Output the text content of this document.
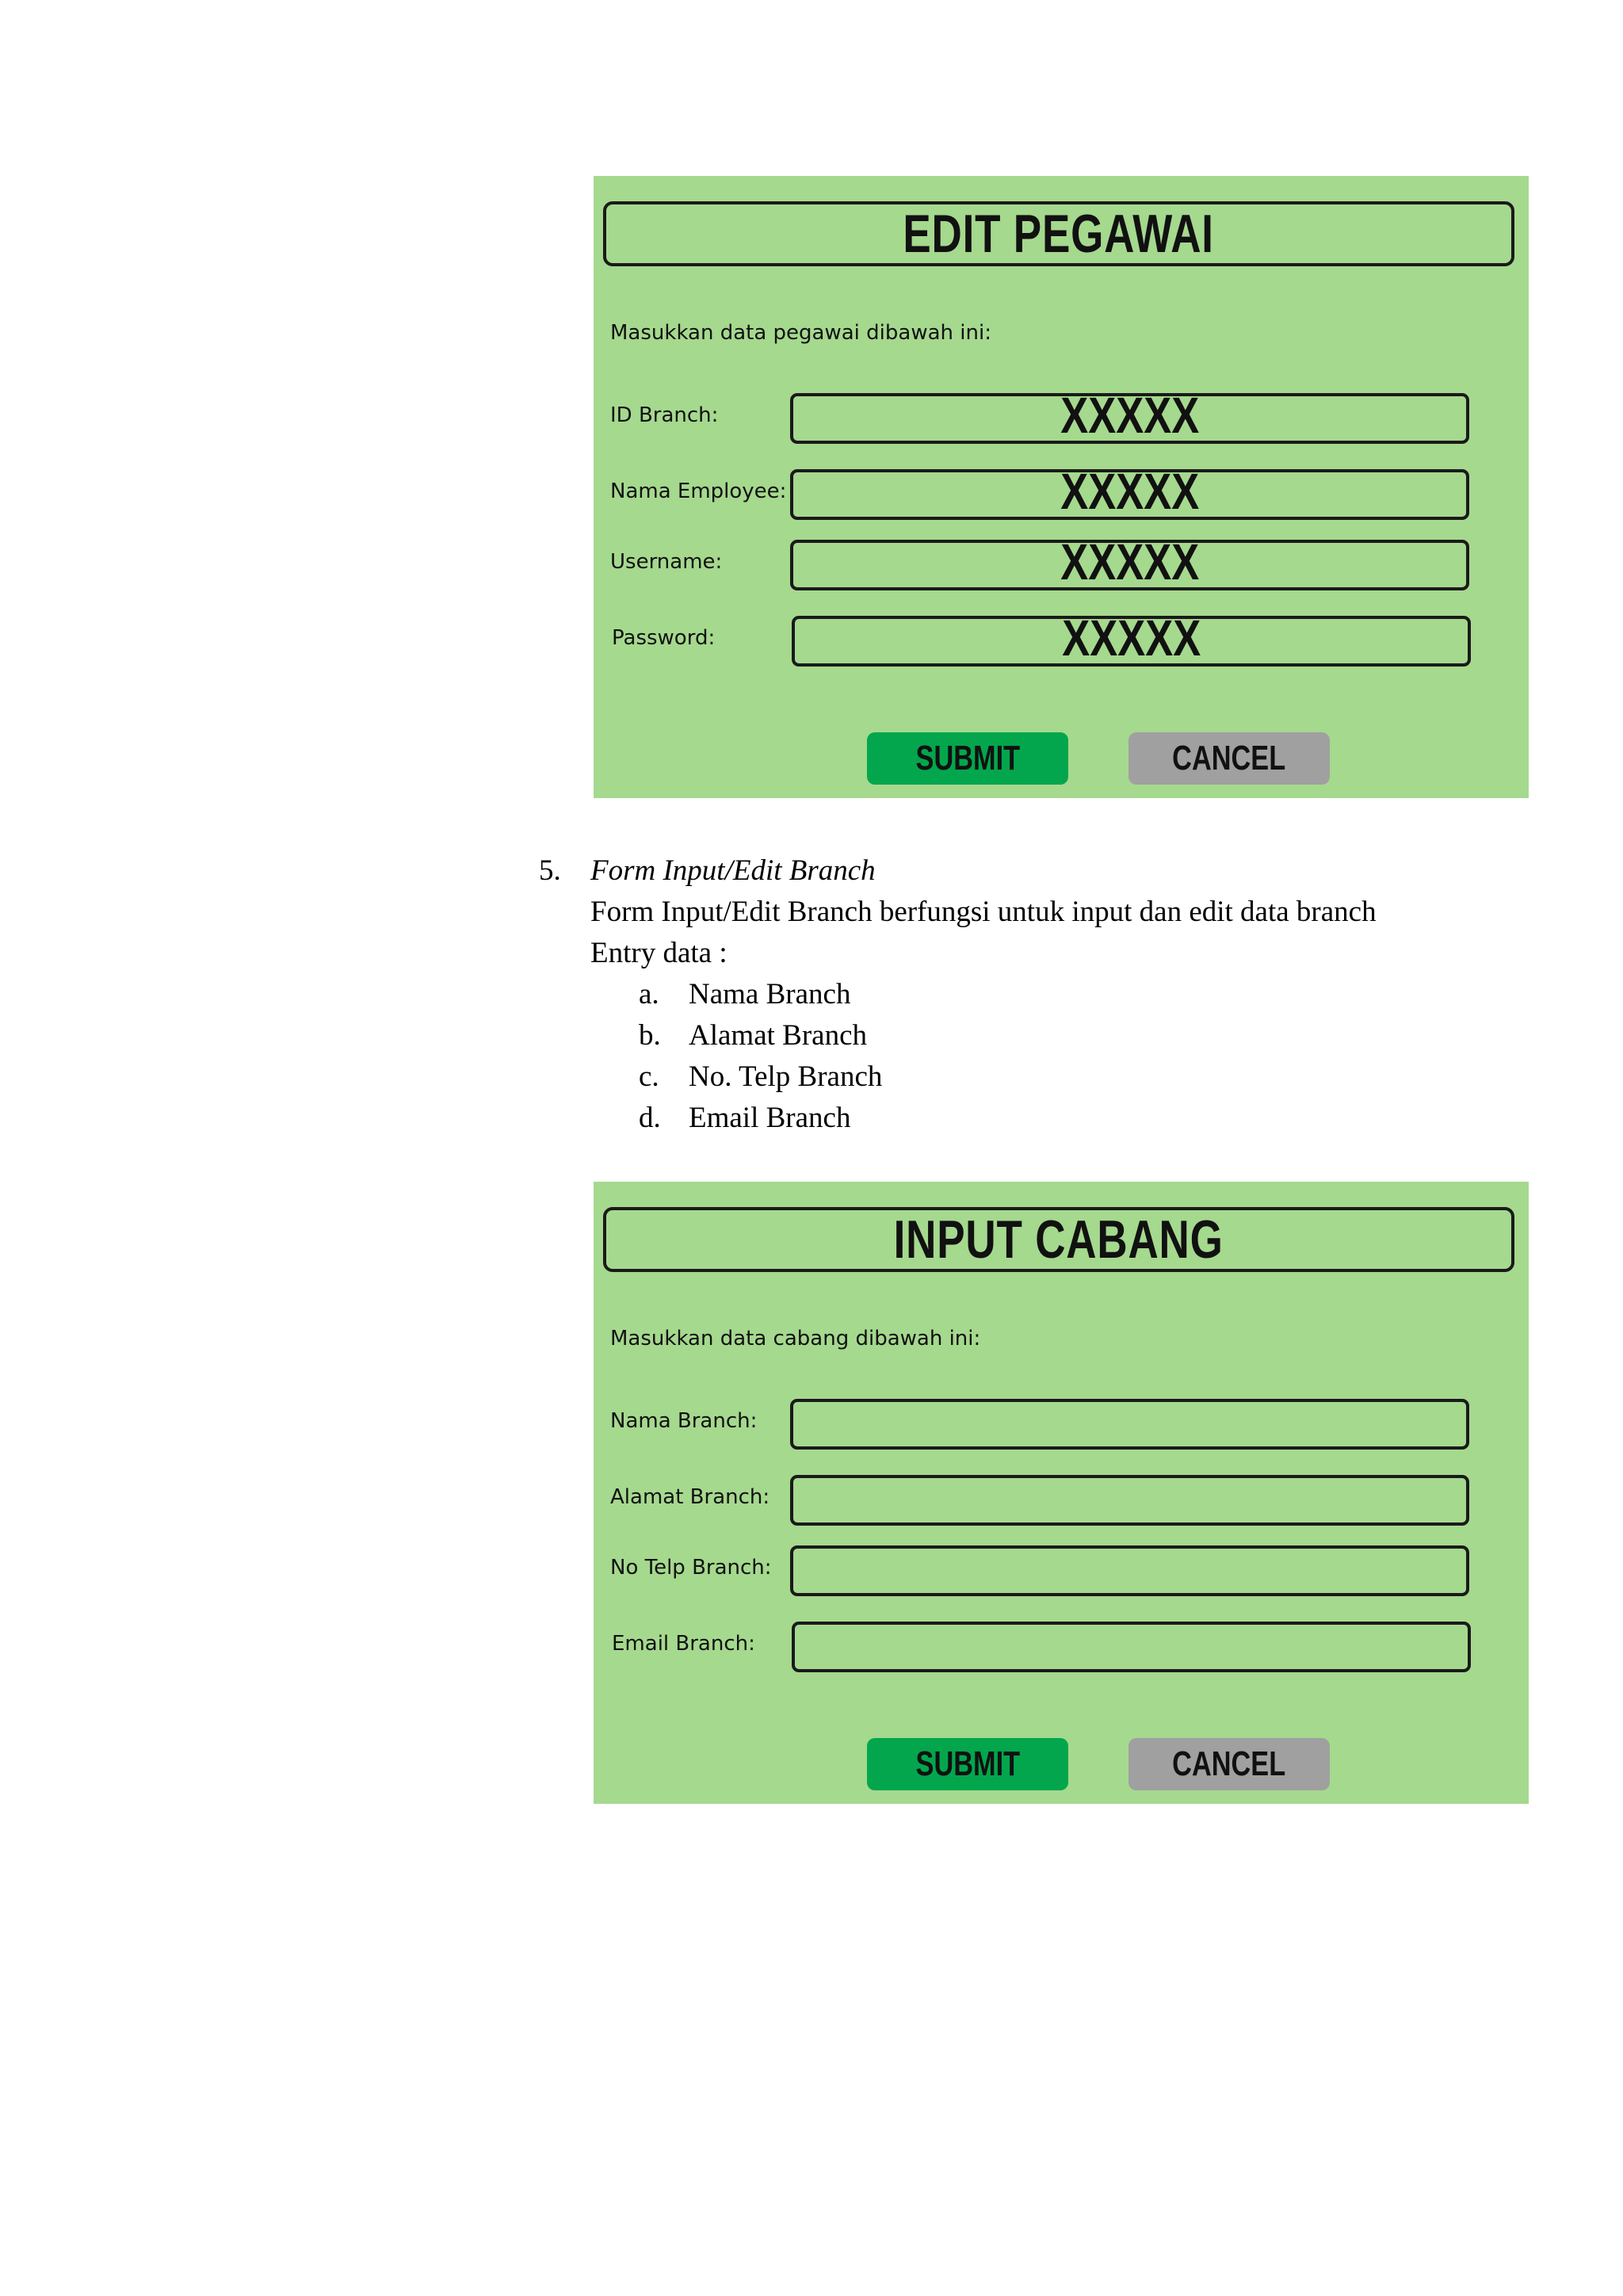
EDIT PEGAWAI
Masukkan data pegawai dibawah ini:
ID Branch:	XXXXX
Nama Employee:	XXXXX
Username:	XXXXX
Password:	XXXXX
SUBMIT	CANCEL
5. Form Input/Edit Branch
Form Input/Edit Branch berfungsi untuk input dan edit data branch
Entry data :
a. Nama Branch
b. Alamat Branch
c. No. Telp Branch
d. Email Branch
INPUT CABANG
Masukkan data cabang dibawah ini:
Nama Branch:
Alamat Branch:
No Telp Branch:
Email Branch:
SUBMIT	CANCEL
